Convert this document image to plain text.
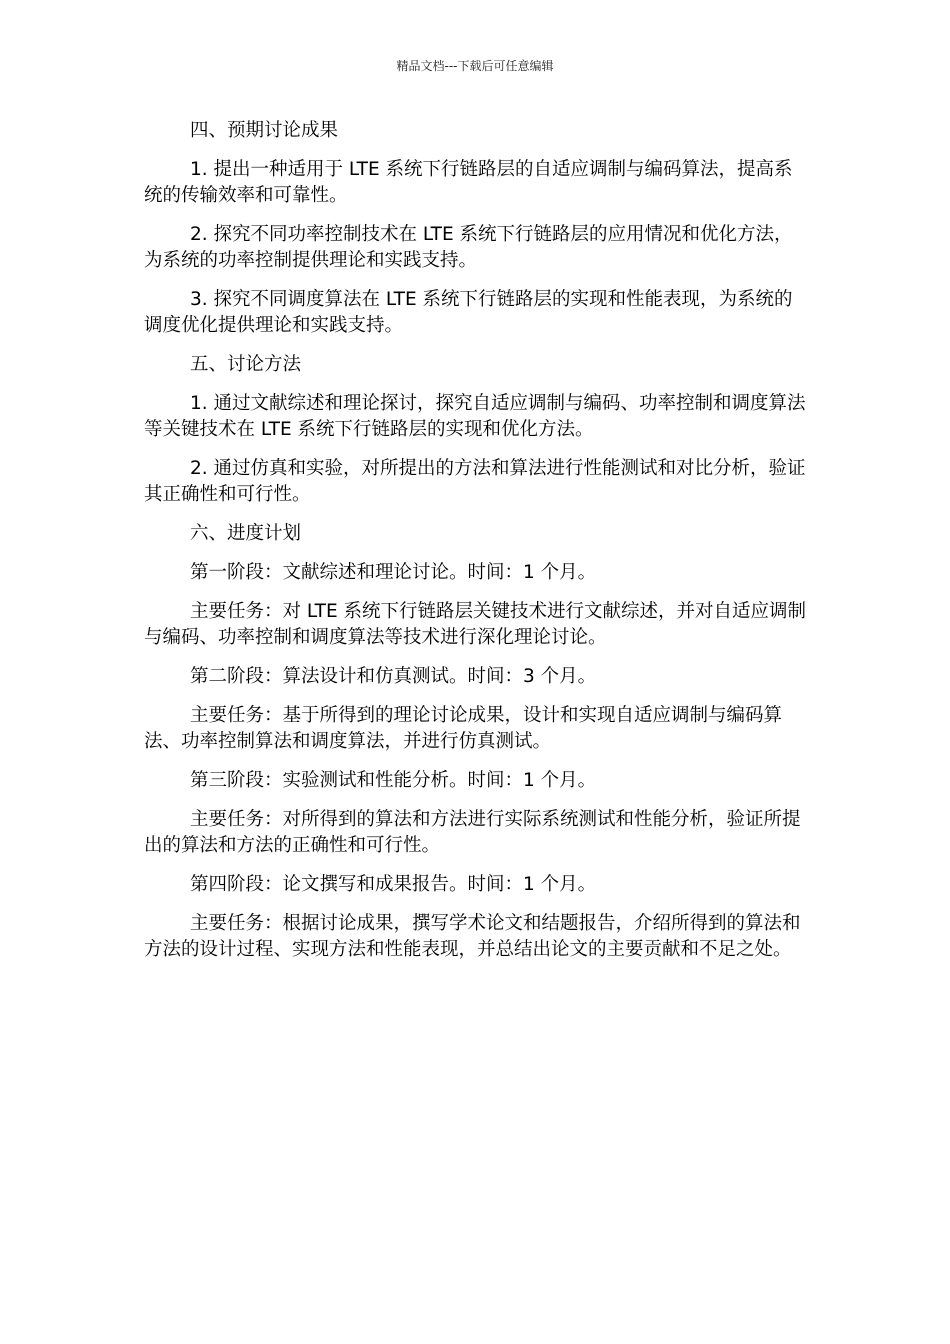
精品文档---下载后可任意编辑

四、预期讨论成果

1. 提出一种适用于 LTE 系统下行链路层的自适应调制与编码算法，提高系统的传输效率和可靠性。

2. 探究不同功率控制技术在 LTE 系统下行链路层的应用情况和优化方法，为系统的功率控制提供理论和实践支持。

3. 探究不同调度算法在 LTE 系统下行链路层的实现和性能表现，为系统的调度优化提供理论和实践支持。

五、讨论方法

1. 通过文献综述和理论探讨，探究自适应调制与编码、功率控制和调度算法等关键技术在 LTE 系统下行链路层的实现和优化方法。

2. 通过仿真和实验，对所提出的方法和算法进行性能测试和对比分析，验证其正确性和可行性。

六、进度计划

第一阶段：文献综述和理论讨论。时间：1 个月。

主要任务：对 LTE 系统下行链路层关键技术进行文献综述，并对自适应调制与编码、功率控制和调度算法等技术进行深化理论讨论。

第二阶段：算法设计和仿真测试。时间：3 个月。

主要任务：基于所得到的理论讨论成果，设计和实现自适应调制与编码算法、功率控制算法和调度算法，并进行仿真测试。

第三阶段：实验测试和性能分析。时间：1 个月。

主要任务：对所得到的算法和方法进行实际系统测试和性能分析，验证所提出的算法和方法的正确性和可行性。

第四阶段：论文撰写和成果报告。时间：1 个月。

主要任务：根据讨论成果，撰写学术论文和结题报告，介绍所得到的算法和方法的设计过程、实现方法和性能表现，并总结出论文的主要贡献和不足之处。
